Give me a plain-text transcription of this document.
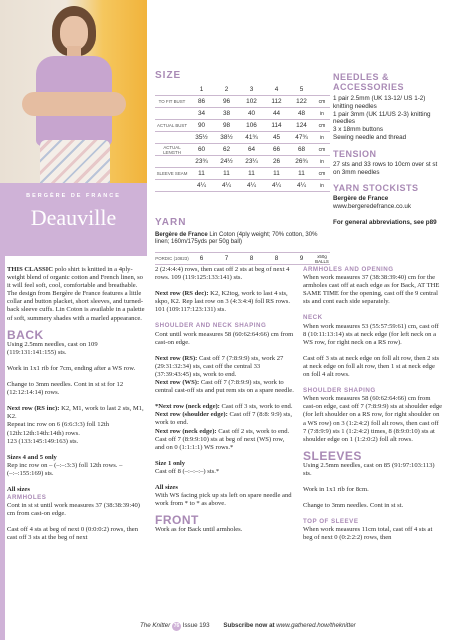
BERGÈRE DE FRANCE
Deauville
SIZE
	1	2	3	4	5	
TO FIT BUST	86	96	102	112	122	cm
	34	38	40	44	48	in
ACTUAL BUST	90	98	106	114	124	cm
	35½	38½	41¾	45	47¾	in
ACTUAL LENGTH	60	62	64	66	68	cm
	23¾	24½	23¼	26	26¾	in
SLEEVE SEAM	11	11	11	11	11	cm
	4¼	4¼	4¼	4¼	4¼	in
YARN
Bergère de France Lin Coton (4ply weight; 70% cotton, 30% linen; 160m/175yds per 50g ball)
PORDIC (10823)	6	7	8	8	9	x50g BALLS
NEEDLES & ACCESSORIES
1 pair 2.5mm (UK 13-12/ US 1-2) knitting needles
1 pair 3mm (UK 11/US 2-3) knitting needles
3 x 18mm buttons
Sewing needle and thread
TENSION
27 sts and 33 rows to 10cm over st st on 3mm needles
YARN STOCKISTS
Bergère de France
www.bergeredefrance.co.uk
For general abbreviations, see p89

THIS CLASSIC polo shirt is knitted in a 4ply-weight blend of organic cotton and French linen, so it will feel soft, cool, comfortable and breathable. The design from Bergère de France features a little collar and button placket, short sleeves, and turned-back sleeve cuffs. Lin Coton is available in a palette of soft, summery shades with a marled appearance.

BACK

Using 2.5mm needles, cast on 109 (119:131:141:155) sts.

Work in 1x1 rib for 7cm, ending after a WS row.

Change to 3mm needles. Cont in st st for 12 (12:12:14:14) rows.

Next row (RS inc): K2, M1, work to last 2 sts, M1, K2.
Repeat inc row on 6 (6:6:3:3) foll 12th (12th:12th:14th:14th) rows.
123 (133:145:149:163) sts.

Sizes 4 and 5 only
Rep inc row on – (–:–:3:3) foll 12th rows. – (–:–:155:169) sts.

All sizes
ARMHOLES
Cont in st st until work measures 37 (38:38:39:40) cm from cast-on edge.

Cast off 4 sts at beg of next 0 (0:0:0:2) rows, then cast off 3 sts at the beg of next

2 (2:4:4:4) rows, then cast off 2 sts at beg of next 4 rows. 109 (119:125:133:141) sts.

Next row (RS dec): K2, K2tog, work to last 4 sts, skpo, K2. Rep last row on 3 (4:3:4:4) foll RS rows. 101 (109:117:123:131) sts.

SHOULDER AND NECK SHAPING

Cont until work measures 58 (60:62:64:66) cm from cast-on edge.

Next row (RS): Cast off 7 (7:8:9:9) sts, work 27 (29:31:32:34) sts, cast off the central 33 (37:39:43:45) sts, work to end.
Next row (WS): Cast off 7 (7:8:9:9) sts, work to central cast-off sts and put rem sts on a spare needle.

*Next row (neck edge): Cast off 3 sts, work to end.
Next row (shoulder edge): Cast off 7 (8:8: 9:9) sts, work to end.
Next row (neck edge): Cast off 2 sts, work to end.
Cast off 7 (8:9:9:10) sts at beg of next (WS) row, and on 0 (1:1:1:1) WS rows.*

Size 1 only
Cast off 8 (–:–:–:–) sts.*

All sizes
With WS facing pick up sts left on spare needle and work from * to * as above.

FRONT

Work as for Back until armholes.

ARMHOLES AND OPENING

When work measures 37 (38:38:39:40) cm for the armholes cast off at each edge as for Back, AT THE SAME TIME for the opening, cast off the 9 central sts and cont each side separately.

NECK

When work measures 53 (55:57:59:61) cm, cast off 8 (10:11:13:14) sts at neck edge (for left neck on a WS row, for right neck on a RS row).

Cast off 3 sts at neck edge on foll alt row, then 2 sts at neck edge on foll alt row, then 1 st at neck edge on foll 4 alt rows.

SHOULDER SHAPING

When work measures 58 (60:62:64:66) cm from cast-on edge, cast off 7 (7:8:9:9) sts at shoulder edge (for left shoulder on a RS row, for right shoulder on a WS row) on 3 (1:2:4:2) foll alt rows, then cast off 7 (7:8:9:9) sts 1 (1:2:4:2) times, 8 (8:9:0:10) sts at shoulder edge on 1 (1:2:0:2) foll alt rows.

SLEEVES

Using 2.5mm needles, cast on 85 (91:97:103:113) sts.

Work in 1x1 rib for 8cm.

Change to 3mm needles. Cont in st st.

TOP OF SLEEVE

When work measures 11cm total, cast off 4 sts at beg of next 0 (0:2:2:2) rows, then

The Knitter 76 Issue 193 Subscribe now at www.gathered.how/theknitter
